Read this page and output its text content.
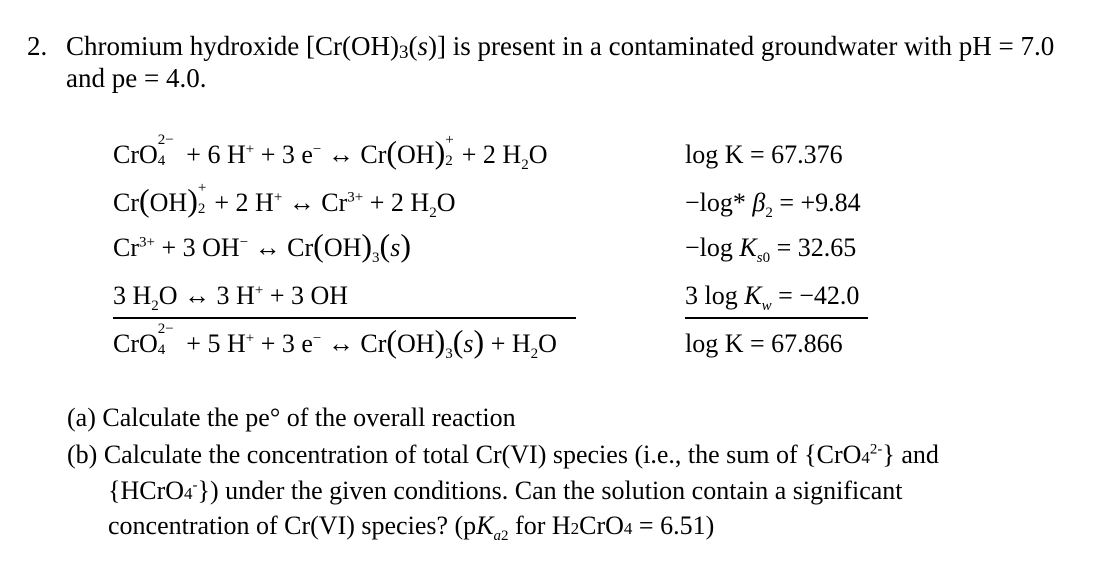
2. Chromium hydroxide [Cr(OH)3(s)] is present in a contaminated groundwater with pH = 7.0
and pe = 4.0.
CrO
2−
4 + 6 H+ + 3 e− ↔ Cr(OH) +
2 + 2 $H_2O$	log K = 67.376
Cr(OH) +
2 + 2 H+ ↔ $Cr^{3+} + 2$ $H_2O$	−log* $\beta_2 = +9.84$
$Cr^{3+} + 3$ OH− ↔ $Cr(OH)_3(s)$	−log $K_{s0} = 32.65$
3 $H_2O$ ↔ 3 H+ + 3 OH	3 $\log K_w = -42.0$
CrO
2−
4 + 5 H+ + 3 e− ↔ $Cr(OH)_3(s) + H_2O$	log K = 67.866
(a) Calculate the pe° of the overall reaction
(b) Calculate the concentration of total Cr(VI) species (i.e., the sum of $\{CrO4^{2-}\}$ and
{HCrO4-}) under the given conditions. Can the solution contain a significant
concentration of Cr(VI) species? ($pK_{a2}$ for H2CrO4 = 6.51)
